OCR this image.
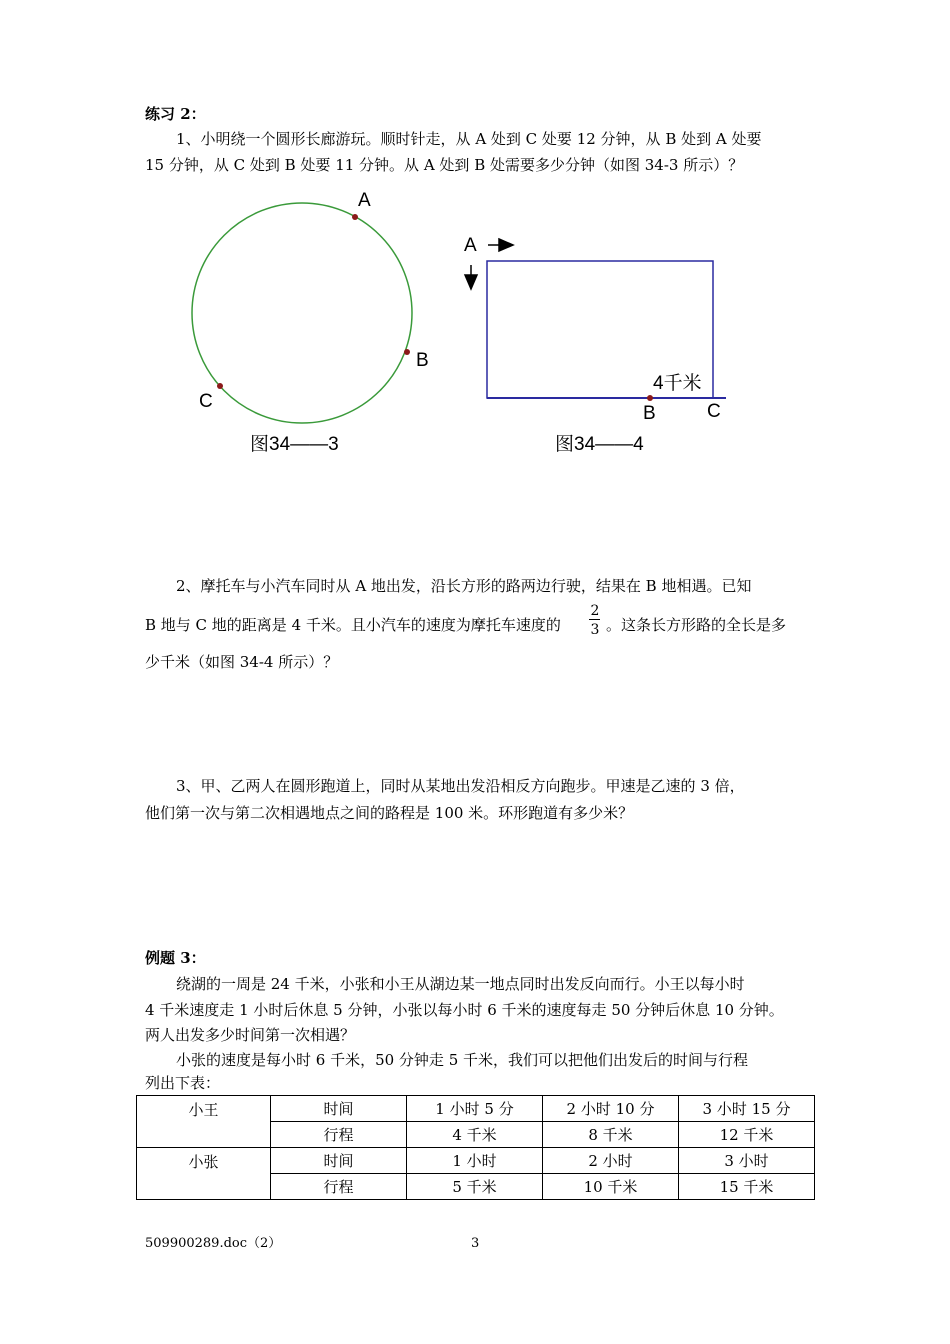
练习 2：
1、小明绕一个圆形长廊游玩。顺时针走，从 A 处到 C 处要 12 分钟，从 B 处到 A 处要
15 分钟，从 C 处到 B 处要 11 分钟。从 A 处到 B 处需要多少分钟（如图 34-3 所示）？
A
B
C
图34——3
A
4千米
B	C
图34——4
2、摩托车与小汽车同时从 A 地出发，沿长方形的路两边行驶，结果在 B 地相遇。已知
B 地与 C 地的距离是 4 千米。且小汽车的速度为摩托车速度的
2
3 。这条长方形路的全长是多
少千米（如图 34-4 所示）？
3、甲、乙两人在圆形跑道上，同时从某地出发沿相反方向跑步。甲速是乙速的 3 倍，
他们第一次与第二次相遇地点之间的路程是 100 米。环形跑道有多少米？
例题 3：
绕湖的一周是 24 千米，小张和小王从湖边某一地点同时出发反向而行。小王以每小时
4 千米速度走 1 小时后休息 5 分钟，小张以每小时 6 千米的速度每走 50 分钟后休息 10 分钟。
两人出发多少时间第一次相遇？
小张的速度是每小时 6 千米，50 分钟走 5 千米，我们可以把他们出发后的时间与行程
列出下表：
小王	时间	1 小时 5 分	2 小时 10 分	3 小时 15 分
	行程	4 千米	8 千米	12 千米
小张	时间	1 小时	2 小时	3 小时
	行程	5 千米	10 千米	15 千米
509900289.doc（2）	3
